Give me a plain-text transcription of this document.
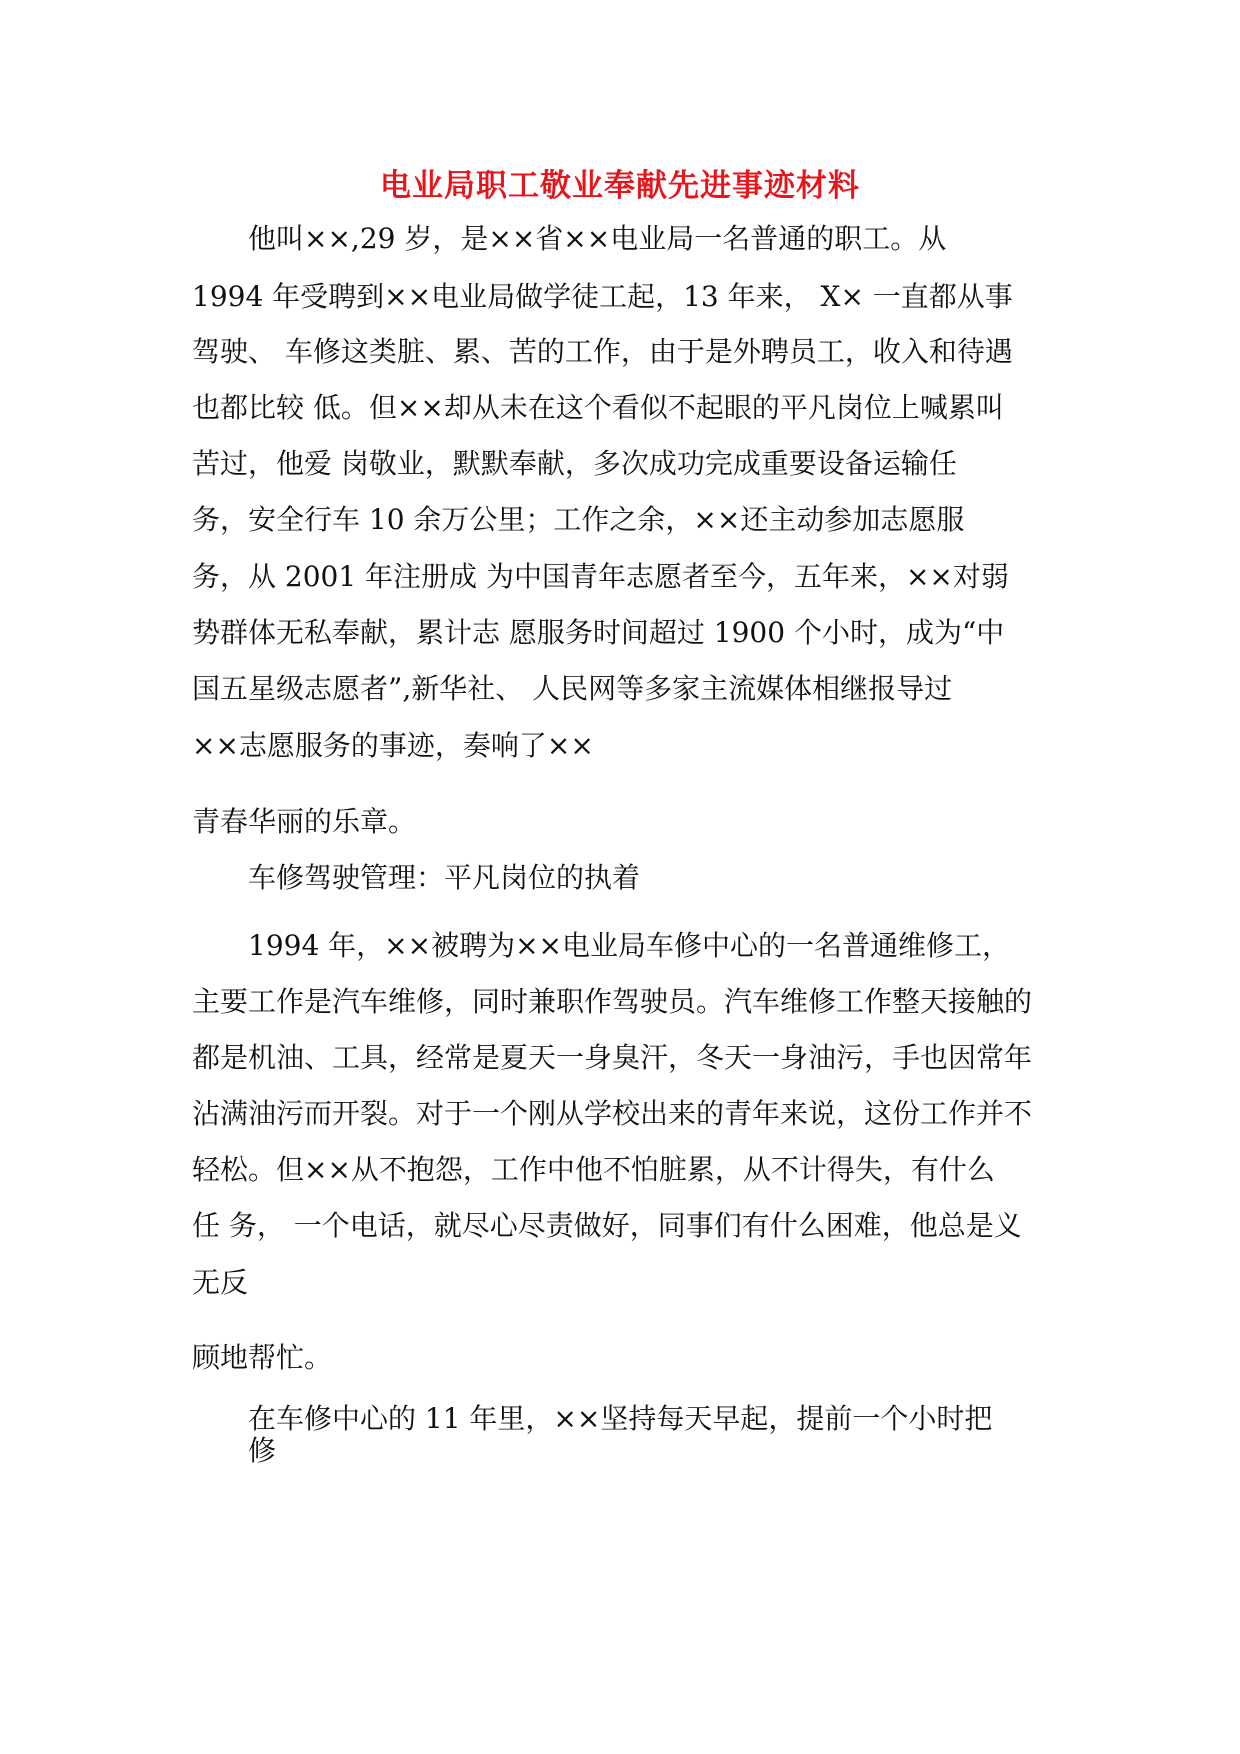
电业局职工敬业奉献先进事迹材料
他叫××,29 岁，是××省××电业局一名普通的职工。从
1994 年受聘到××电业局做学徒工起，13 年来， X× 一直都从事
驾驶、 车修这类脏、累、苦的工作，由于是外聘员工，收入和待遇
也都比较 低。但××却从未在这个看似不起眼的平凡岗位上喊累叫
苦过，他爱 岗敬业，默默奉献，多次成功完成重要设备运输任
务，安全行车 10 余万公里；工作之余，××还主动参加志愿服
务，从 2001 年注册成 为中国青年志愿者至今，五年来，××对弱
势群体无私奉献，累计志 愿服务时间超过 1900 个小时，成为“中
国五星级志愿者”,新华社、 人民网等多家主流媒体相继报导过
××志愿服务的事迹，奏响了××
青春华丽的乐章。
车修驾驶管理：平凡岗位的执着
1994 年，××被聘为××电业局车修中心的一名普通维修工，
主要工作是汽车维修，同时兼职作驾驶员。汽车维修工作整天接触的
都是机油、工具，经常是夏天一身臭汗，冬天一身油污，手也因常年
沾满油污而开裂。对于一个刚从学校出来的青年来说，这份工作并不
轻松。但××从不抱怨，工作中他不怕脏累，从不计得失，有什么
任 务， 一个电话，就尽心尽责做好，同事们有什么困难，他总是义
无反
顾地帮忙。
在车修中心的 11 年里，××坚持每天早起，提前一个小时把
修
